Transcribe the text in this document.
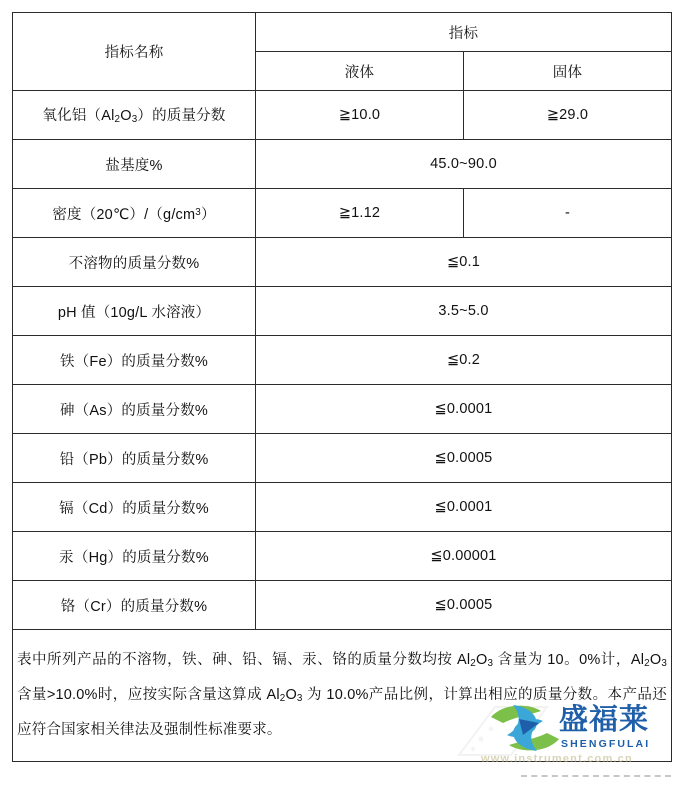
指标名称	指标	
	液体	固体
氧化铝$(Al_2O_3)$的质量分数	≧10.0	≧29.0
盐基度%	45.0~90.0	
密度$(20℃)/(g/cm^3)$	≧1.12	-
不溶物的质量分数%	≦0.1	
pH 值（10g/L 水溶液）	3.5~5.0	
铁（Fe）的质量分数%	≦0.2	
砷（As）的质量分数%	≦0.0001	
铅（Pb）的质量分数%	≦0.0005	
镉（Cd）的质量分数%	≦0.0001	
汞（Hg）的质量分数%	≦0.00001	
铬（Cr）的质量分数%	≦0.0005	

表中所列产品的不溶物，铁、砷、铅、镉、汞、铬的质量分数均按 $Al_2O_3$ 含量为 10。0%计，$Al_2O_3$ 含量>10.0%时，应按实际含量这算成 $Al_2O_3$ 为 10.0%产品比例，计算出相应的质量分数。本产品还应符合国家相关律法及强制性标准要求。			盛福莱
SHENGFULAI
www.instrument.com.cn
